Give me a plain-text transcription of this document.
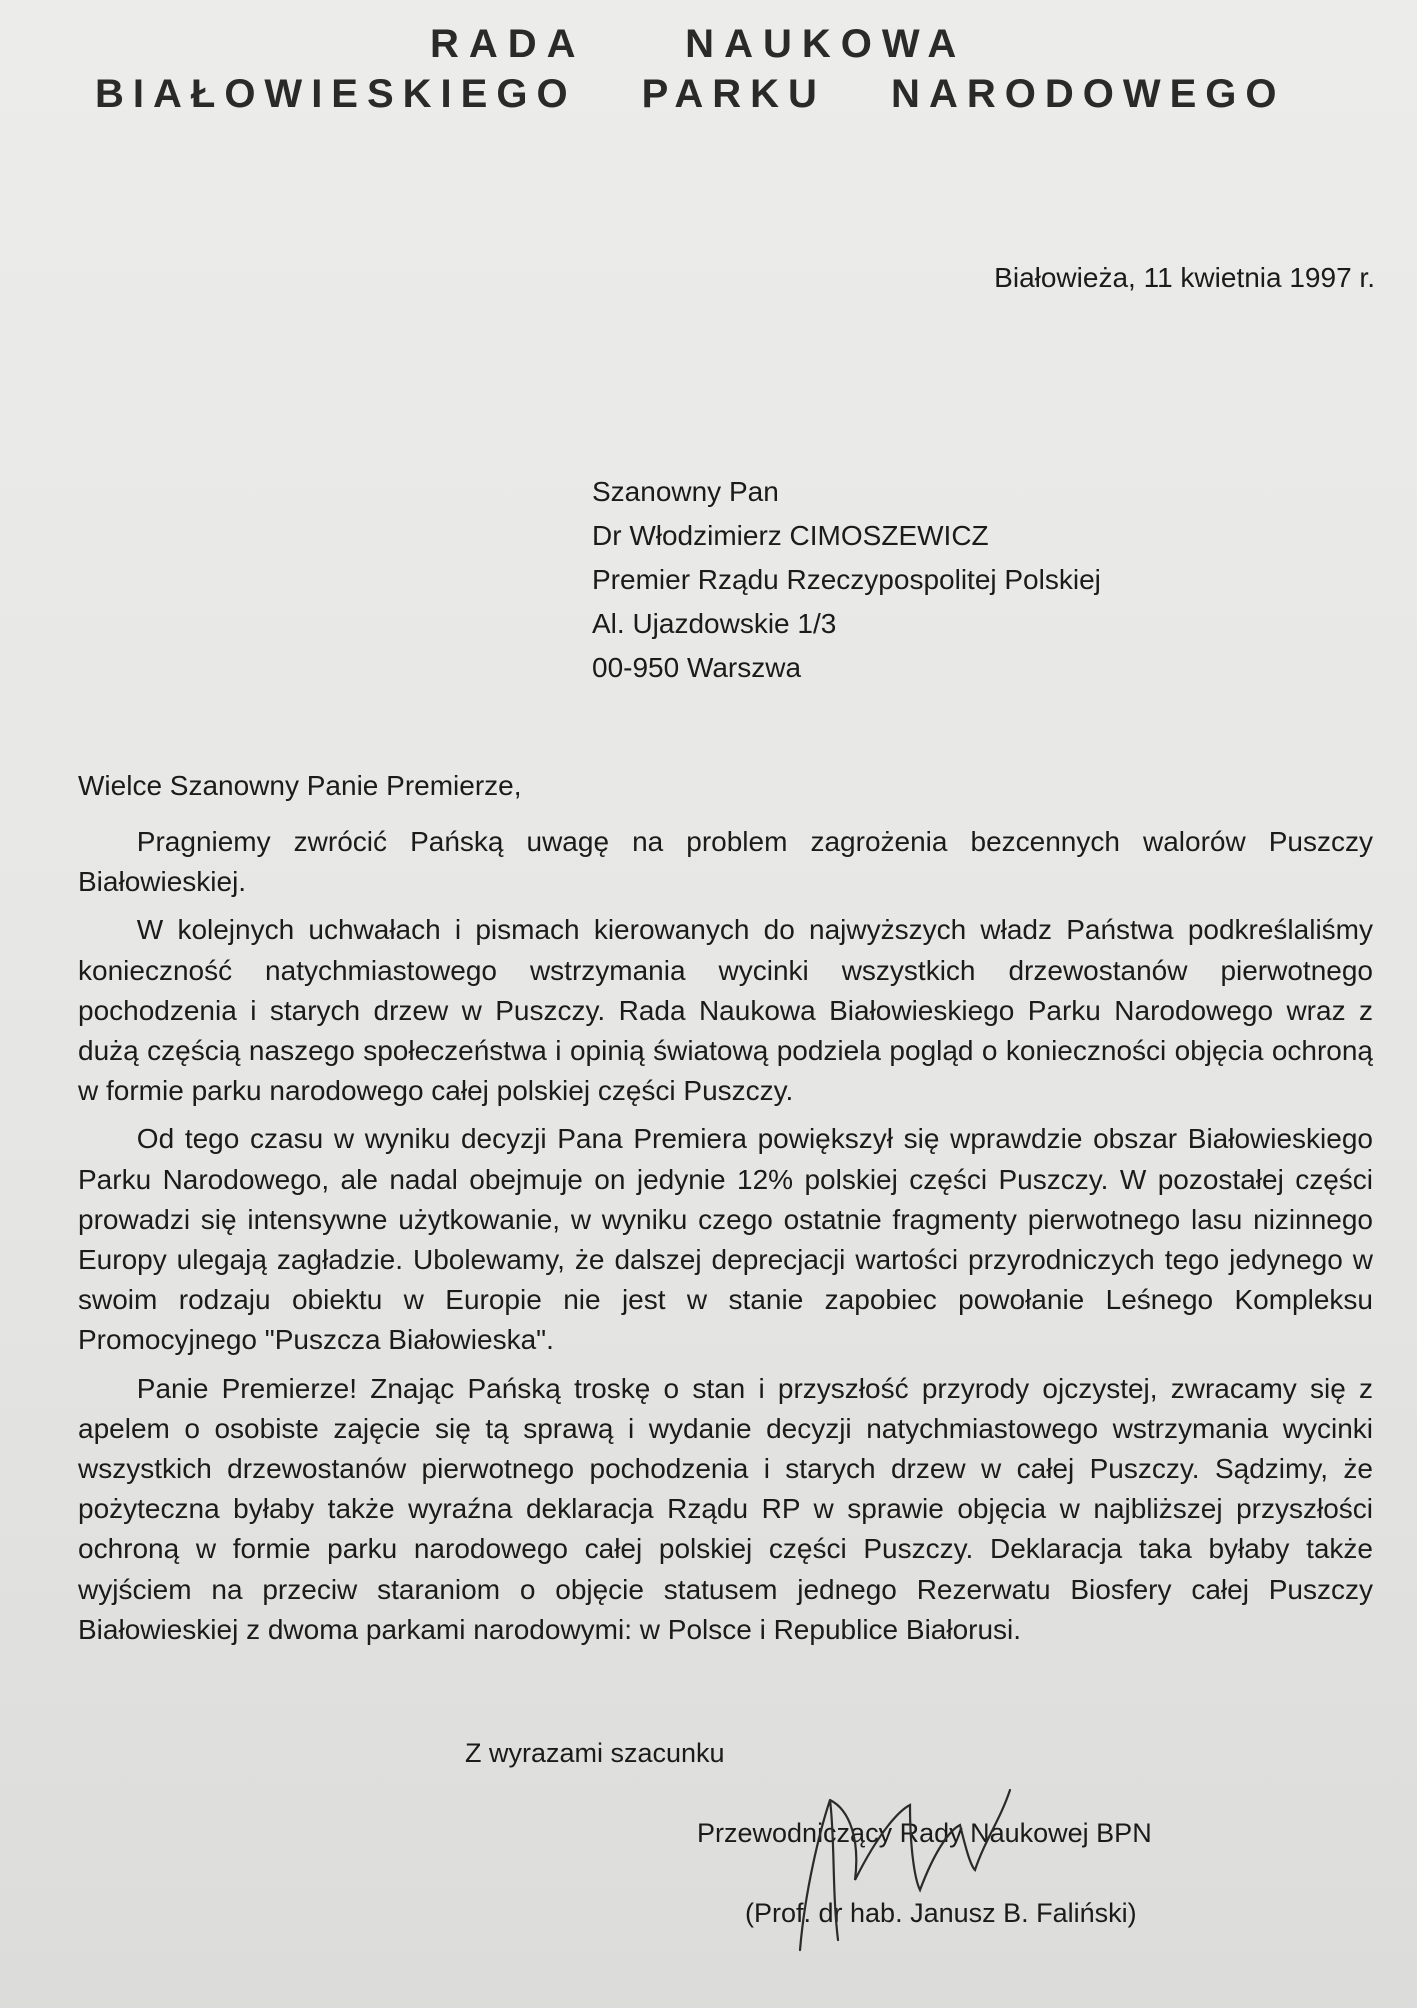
RADA NAUKOWA
BIAŁOWIESKIEGO PARKU NARODOWEGO
Białowieża, 11 kwietnia 1997 r.
Szanowny Pan
Dr Włodzimierz CIMOSZEWICZ
Premier Rządu Rzeczypospolitej Polskiej
Al. Ujazdowskie 1/3
00-950 Warszwa
Wielce Szanowny Panie Premierze,

Pragniemy zwrócić Pańską uwagę na problem zagrożenia bezcennych walorów Puszczy Białowieskiej.

W kolejnych uchwałach i pismach kierowanych do najwyższych władz Państwa podkreślaliśmy konieczność natychmiastowego wstrzymania wycinki wszystkich drzewostanów pierwotnego pochodzenia i starych drzew w Puszczy. Rada Naukowa Białowieskiego Parku Narodowego wraz z dużą częścią naszego społeczeństwa i opinią światową podziela pogląd o konieczności objęcia ochroną w formie parku narodowego całej polskiej części Puszczy.

Od tego czasu w wyniku decyzji Pana Premiera powiększył się wprawdzie obszar Białowieskiego Parku Narodowego, ale nadal obejmuje on jedynie 12% polskiej części Puszczy. W pozostałej części prowadzi się intensywne użytkowanie, w wyniku czego ostatnie fragmenty pierwotnego lasu nizinnego Europy ulegają zagładzie. Ubolewamy, że dalszej deprecjacji wartości przyrodniczych tego jedynego w swoim rodzaju obiektu w Europie nie jest w stanie zapobiec powołanie Leśnego Kompleksu Promocyjnego "Puszcza Białowieska".

Panie Premierze! Znając Pańską troskę o stan i przyszłość przyrody ojczystej, zwracamy się z apelem o osobiste zajęcie się tą sprawą i wydanie decyzji natychmiastowego wstrzymania wycinki wszystkich drzewostanów pierwotnego pochodzenia i starych drzew w całej Puszczy. Sądzimy, że pożyteczna byłaby także wyraźna deklaracja Rządu RP w sprawie objęcia w najbliższej przyszłości ochroną w formie parku narodowego całej polskiej części Puszczy. Deklaracja taka byłaby także wyjściem na przeciw staraniom o objęcie statusem jednego Rezerwatu Biosfery całej Puszczy Białowieskiej z dwoma parkami narodowymi: w Polsce i Republice Białorusi.

Z wyrazami szacunku
Przewodniczący Rady Naukowej BPN
(Prof. dr hab. Janusz B. Faliński)
